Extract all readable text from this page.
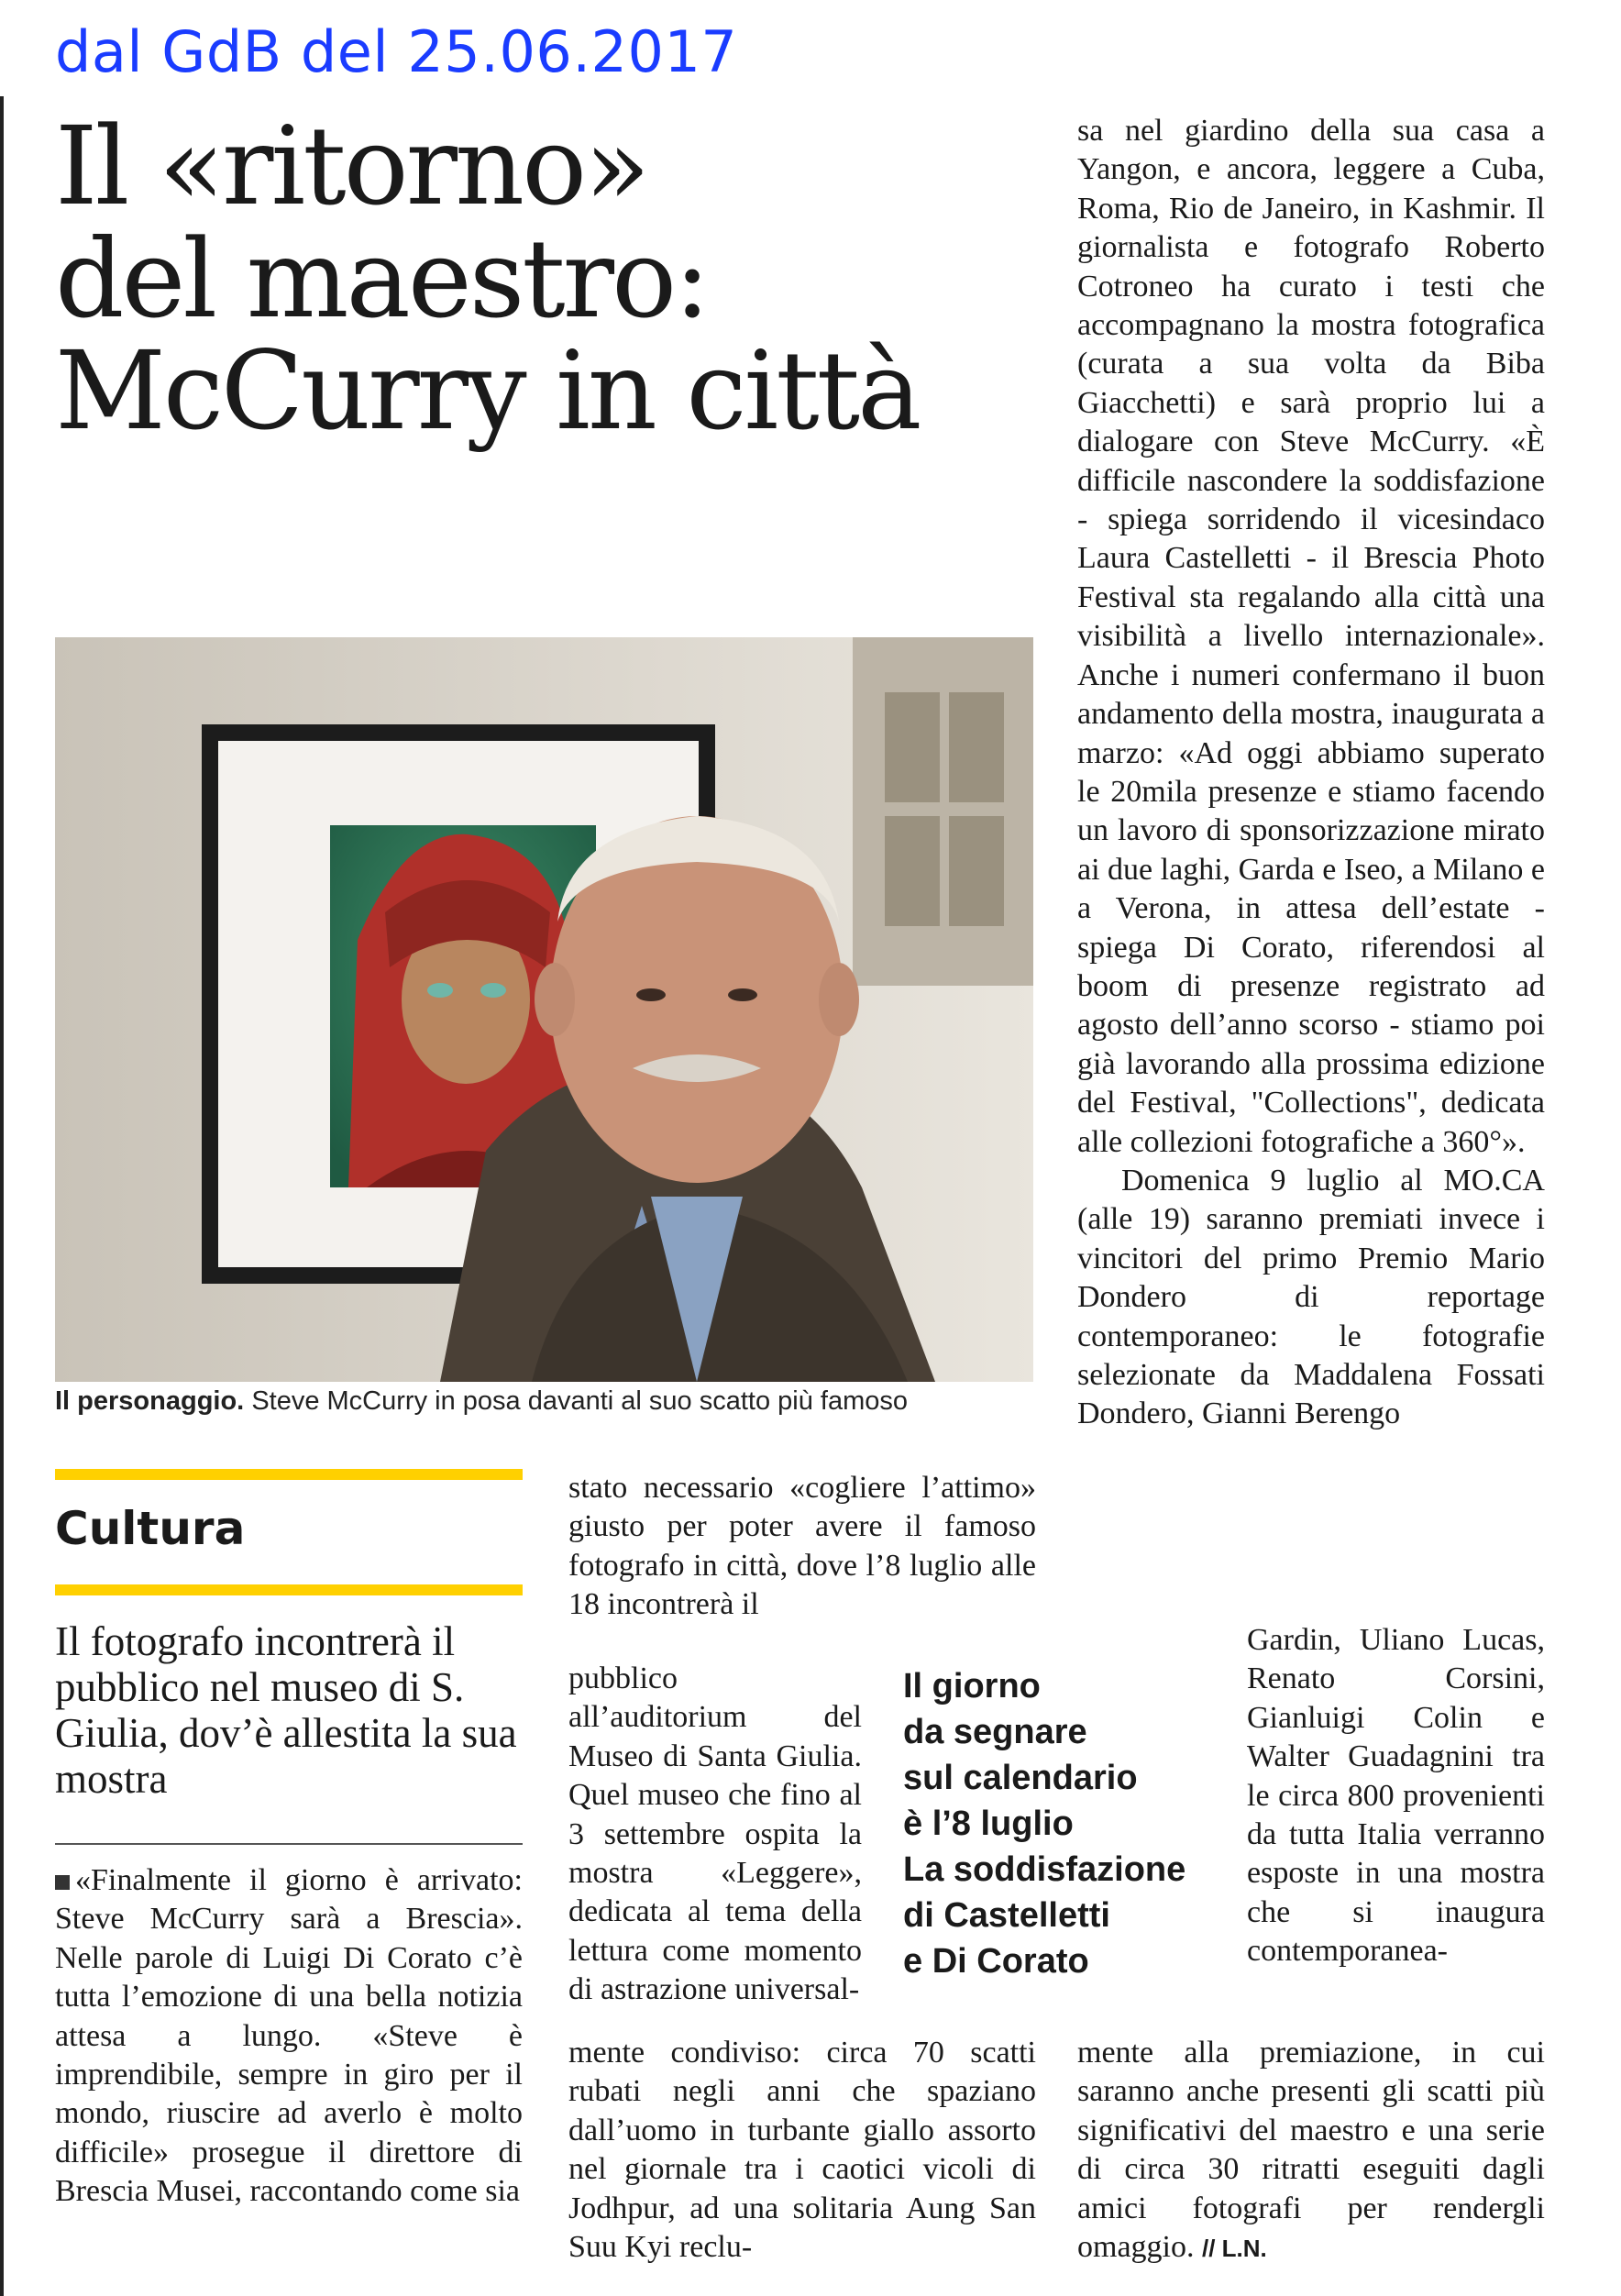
dal GdB del 25.06.2017
Il «ritorno»
del maestro:
McCurry in città

sa nel giardino della sua casa a Yangon, e ancora, leggere a Cuba, Roma, Rio de Janeiro, in Kashmir. Il giornalista e fotografo Roberto Cotroneo ha curato i testi che accompagnano la mostra fotografica (curata a sua volta da Biba Giacchetti) e sarà proprio lui a dialogare con Steve McCurry. «È difficile nascondere la soddisfazione - spiega sorridendo il vicesindaco Laura Castelletti - il Brescia Photo Festival sta regalando alla città una visibilità a livello internazionale». Anche i numeri confermano il buon andamento della mostra, inaugurata a marzo: «Ad oggi abbiamo superato le 20mila presenze e stiamo facendo un lavoro di sponsorizzazione mirato ai due laghi, Garda e Iseo, a Milano e a Verona, in attesa dell’estate - spiega Di Corato, riferendosi al boom di presenze registrato ad agosto dell’anno scorso - stiamo poi già lavorando alla prossima edizione del Festival, "Collections", dedicata alle collezioni fotografiche a 360°».

Domenica 9 luglio al MO.CA (alle 19) saranno premiati invece i vincitori del primo Premio Mario Dondero di reportage contemporaneo: le fotografie selezionate da Maddalena Fossati Dondero, Gianni Berengo

Il personaggio. Steve McCurry in posa davanti al suo scatto più famoso
Cultura
Il fotografo incontrerà il pubblico nel museo di S. Giulia, dov’è allestita la sua mostra

«Finalmente il giorno è arrivato: Steve McCurry sarà a Brescia». Nelle parole di Luigi Di Corato c’è tutta l’emozione di una bella notizia attesa a lungo. «Steve è imprendibile, sempre in giro per il mondo, riuscire ad averlo è molto difficile» prosegue il direttore di Brescia Musei, raccontando come sia

stato necessario «cogliere l’attimo» giusto per poter avere il famoso fotografo in città, dove l’8 luglio alle 18 incontrerà il

pubblico all’auditorium del Museo di Santa Giulia. Quel museo che fino al 3 settembre ospita la mostra «Leggere», dedicata al tema della lettura come momento di astrazione universal-

Il giorno
da segnare
sul calendario
è l’8 luglio
La soddisfazione
di Castelletti
e Di Corato

mente condiviso: circa 70 scatti rubati negli anni che spaziano dall’uomo in turbante giallo assorto nel giornale tra i caotici vicoli di Jodhpur, ad una solitaria Aung San Suu Kyi reclu-

Gardin, Uliano Lucas, Renato Corsini, Gianluigi Colin e Walter Guadagnini tra le circa 800 provenienti da tutta Italia verranno esposte in una mostra che si inaugura contemporanea-

mente alla premiazione, in cui saranno anche presenti gli scatti più significativi del maestro e una serie di circa 30 ritratti eseguiti dagli amici fotografi per rendergli omaggio. // L.N.
